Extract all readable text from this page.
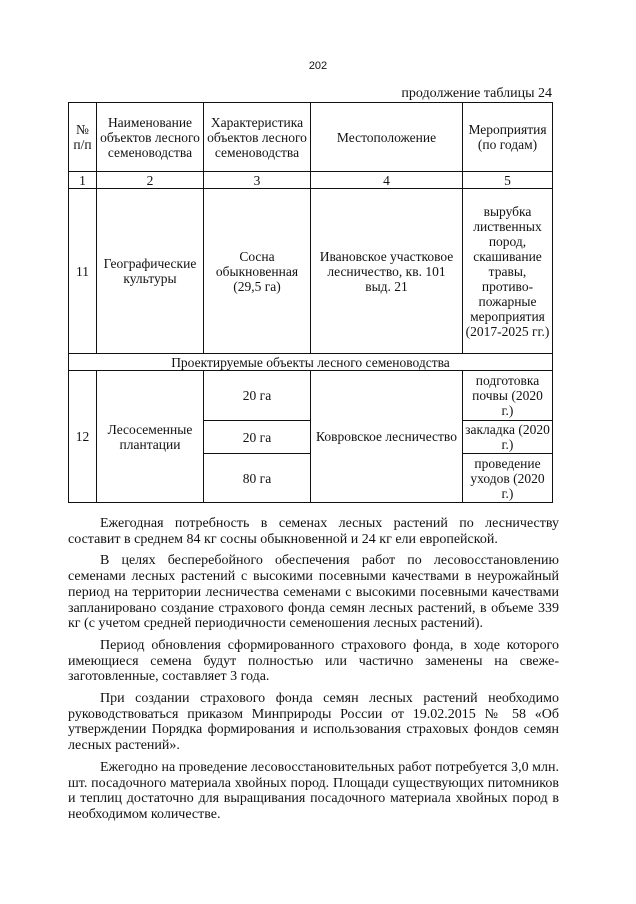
202
продолжение таблицы 24
№ п/п	Наименование объектов лесного семеноводства	Характеристика объектов лесного семеноводства	Местоположение	Мероприятия (по годам)
1	2	3	4	5
11	Географические культуры	Сосна обыкновенная (29,5 га)	Ивановское участковое лесничество, кв. 101 выд. 21	вырубка лиственных пород, скашивание травы, противо-пожарные мероприятия (2017-2025 гг.)
Проектируемые объекты лесного семеноводства				
12	Лесосеменные плантации	20 га	Ковровское лесничество	подготовка почвы (2020 г.)
		20 га		закладка (2020 г.)
		80 га		проведение уходов (2020 г.)

Ежегодная потребность в семенах лесных растений по лесничеству составит в среднем 84 кг сосны обыкновенной и 24 кг ели европейской.

В целях бесперебойного обеспечения работ по лесовосстановлению семенами лесных растений с высокими посевными качествами в неурожайный период на территории лесничества семенами с высокими посевными качествами запланировано создание страхового фонда семян лесных растений, в объеме 339 кг (с учетом средней периодичности семеношения лесных растений).

Период обновления сформированного страхового фонда, в ходе которого имеющиеся семена будут полностью или частично заменены на свеже-заготовленные, составляет 3 года.

При создании страхового фонда семян лесных растений необходимо руководствоваться приказом Минприроды России от 19.02.2015 № 58 «Об утверждении Порядка формирования и использования страховых фондов семян лесных растений».

Ежегодно на проведение лесовосстановительных работ потребуется 3,0 млн. шт. посадочного материала хвойных пород. Площади существующих питомников и теплиц достаточно для выращивания посадочного материала хвойных пород в необходимом количестве.
